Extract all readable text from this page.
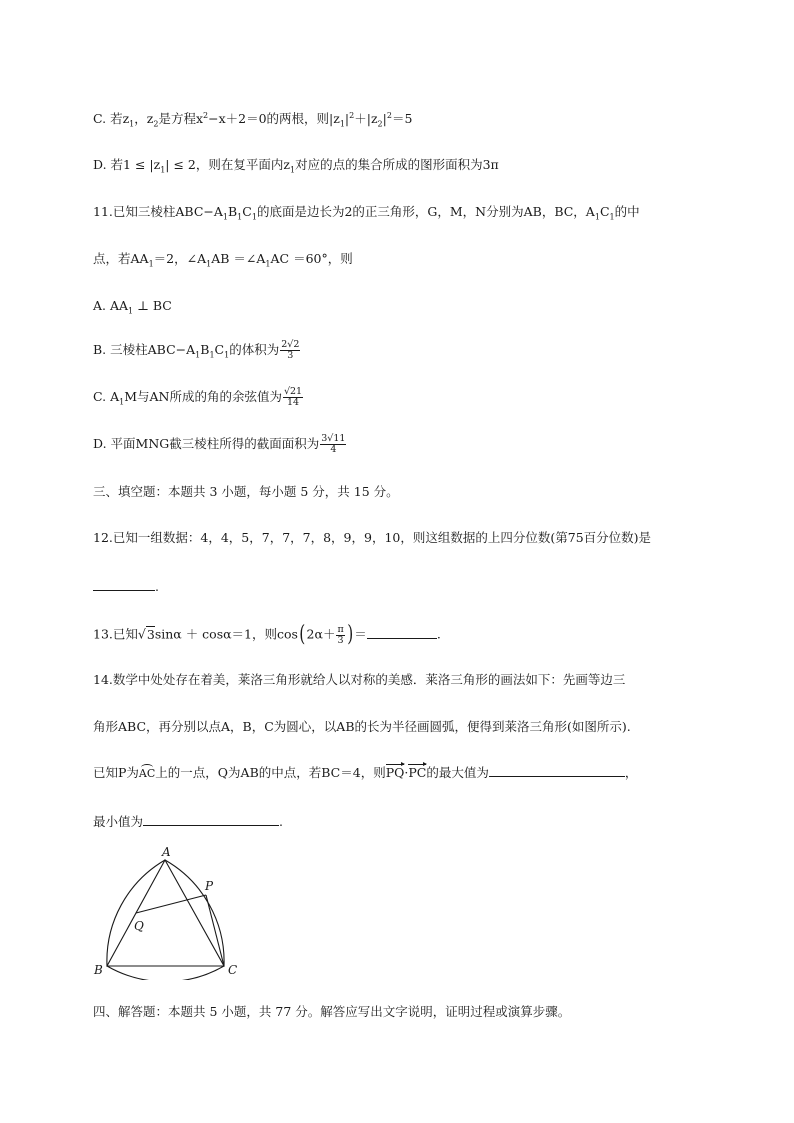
C. 若$z_1$，$z_2$是方程$x^2-x+2=0$的两根，则$|z_1|^2+|z_2|^2=5$
D. 若$1 \le |z_1| \le 2$，则在复平面内$z_1$对应的点的集合所成的图形面积为3π
11.已知三棱柱$ABC-A_1B_1C_1$的底面是边长为2的正三角形，G，M，N分别为AB，BC，$A_1C_1$的中
点，若$AA_1=2$，$\angle A_1AB$ $=\angle A_1AC =60^\circ$，则
A. $AA_1$ ⊥ BC
B. 三棱柱$ABC-A_1B_1C_1$的体积为 $\frac{2√2}{3}$
C. $A_1M$与AN所成的角的余弦值为 $\frac{√21}{14}$
D. 平面MNG截三棱柱所得的截面面积为 $\frac{3√11}{4}$
三、填空题：本题共 3 小题，每小题 5 分，共 15 分。
12.已知一组数据：4，4，5，7，7，7，8，9，9，10，则这组数据的上四分位数(第75百分位数)是
.
13.已知√3sinα ＋ cosα＝1，则$\cos(2\alpha+ \frac{\pi}{3}$ )＝	.
14.数学中处处存在着美，莱洛三角形就给人以对称的美感．莱洛三角形的画法如下：先画等边三
角形ABC，再分别以点A，B，C为圆心，以AB的长为半径画圆弧，便得到莱洛三角形(如图所示).
已知P为AC上的一点，Q为AB的中点，若BC＝4，则PQ·PC的最大值为	，
最小值为	.
A
B	C
P
Q
四、解答题：本题共 5 小题，共 77 分。解答应写出文字说明，证明过程或演算步骤。
